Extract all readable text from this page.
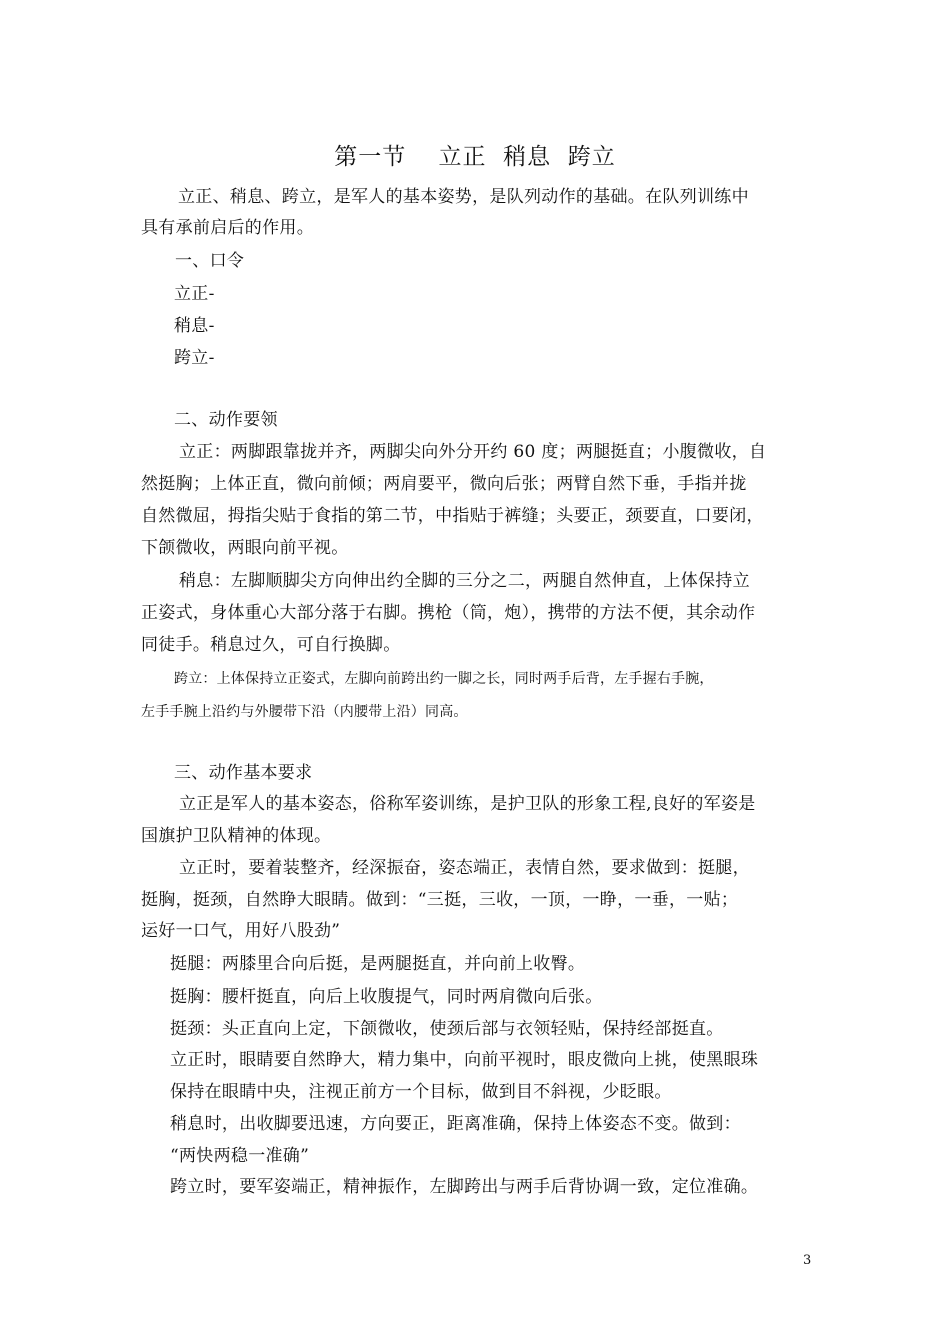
第一节　 立正  稍息  跨立
立正、稍息、跨立，是军人的基本姿势，是队列动作的基础。在队列训练中
具有承前启后的作用。
一、口令
立正-
稍息-
跨立-
二、动作要领
立正：两脚跟靠拢并齐，两脚尖向外分开约 60 度；两腿挺直；小腹微收，自
然挺胸；上体正直，微向前倾；两肩要平，微向后张；两臂自然下垂，手指并拢
自然微屈，拇指尖贴于食指的第二节，中指贴于裤缝；头要正，颈要直，口要闭，
下颌微收，两眼向前平视。
稍息：左脚顺脚尖方向伸出约全脚的三分之二，两腿自然伸直，上体保持立
正姿式，身体重心大部分落于右脚。携枪（筒，炮），携带的方法不便，其余动作
同徒手。稍息过久，可自行换脚。
跨立：上体保持立正姿式，左脚向前跨出约一脚之长，同时两手后背，左手握右手腕，
左手手腕上沿约与外腰带下沿（内腰带上沿）同高。
三、动作基本要求
立正是军人的基本姿态，俗称军姿训练，是护卫队的形象工程,良好的军姿是
国旗护卫队精神的体现。
立正时，要着装整齐，经深振奋，姿态端正，表情自然，要求做到：挺腿，
挺胸，挺颈，自然睁大眼睛。做到：“三挺，三收，一顶，一睁，一垂，一贴；
运好一口气，用好八股劲”
挺腿：两膝里合向后挺，是两腿挺直，并向前上收臀。
挺胸：腰杆挺直，向后上收腹提气，同时两肩微向后张。
挺颈：头正直向上定，下颌微收，使颈后部与衣领轻贴，保持经部挺直。
立正时，眼睛要自然睁大，精力集中，向前平视时，眼皮微向上挑，使黑眼珠
保持在眼睛中央，注视正前方一个目标，做到目不斜视，少眨眼。
稍息时，出收脚要迅速，方向要正，距离准确，保持上体姿态不变。做到：
“两快两稳一准确”
跨立时，要军姿端正，精神振作，左脚跨出与两手后背协调一致，定位准确。
3
